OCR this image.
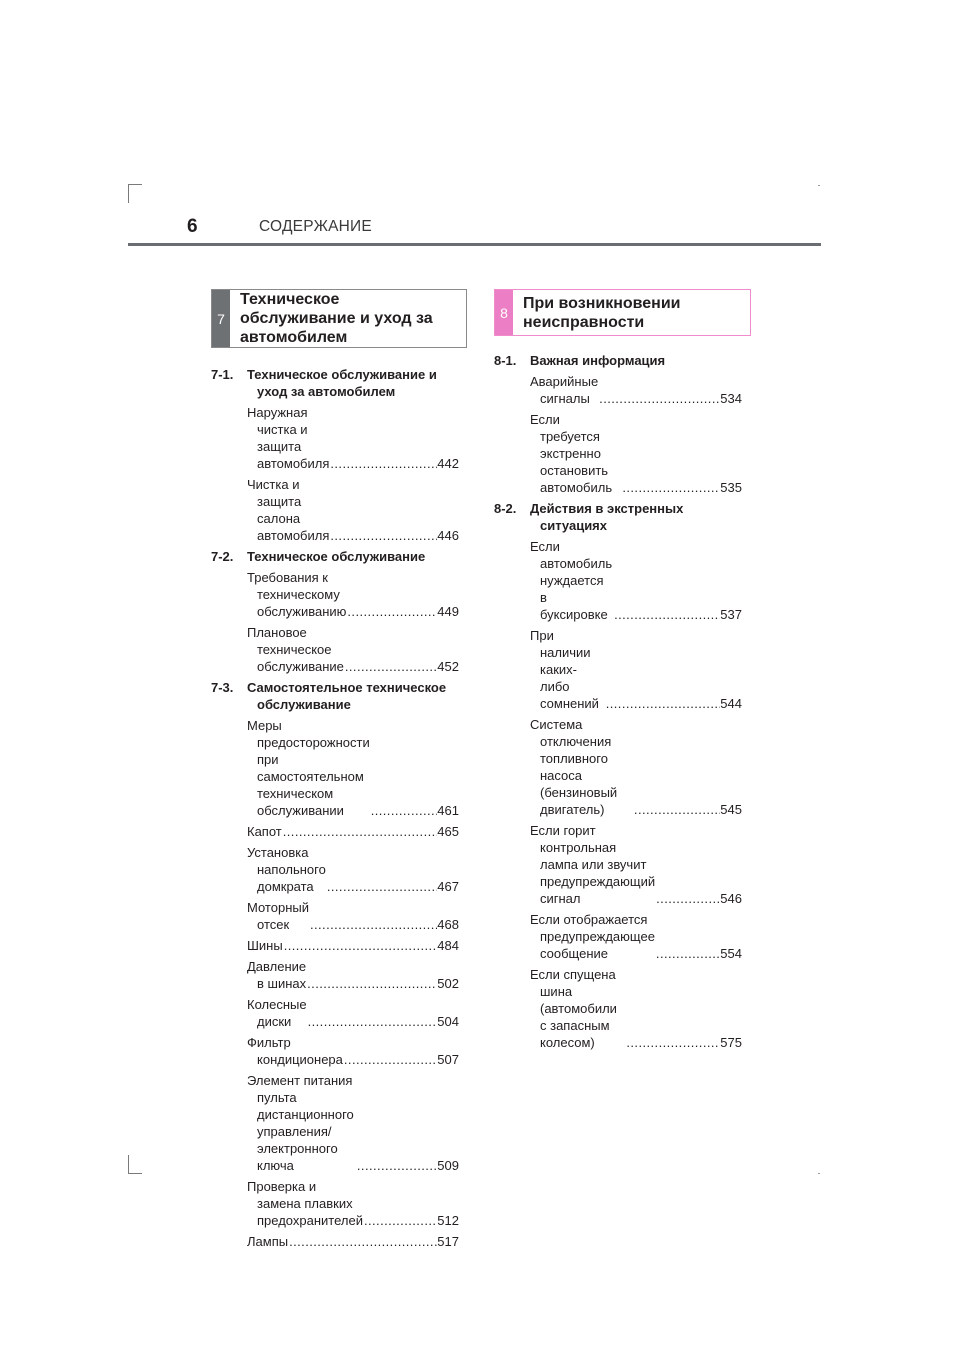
6	СОДЕРЖАНИЕ
7
Техническое обслуживание и уход за автомобилем
8
При возникновении неисправности
7-1.	Техническое обслуживание и уход за автомобилем
Наружная чистка и защита автомобиля . . .	442
Чистка и защита салона автомобиля . . .	446
7-2.	Техническое обслуживание
Требования к техническому обслуживанию . . .	449
Плановое техническое обслуживание . . .	452
7-3.	Самостоятельное техническое обслуживание
Меры предосторожности при самостоятельном техническом обслуживании . . .	461
Капот . . .	465
Установка напольного домкрата . . .	467
Моторный отсек . . .	468
Шины . . .	484
Давление в шинах . . .	502
Колесные диски . . .	504
Фильтр кондиционера . . .	507
Элемент питания пульта дистанционного управления/электронного ключа . . .	509
Проверка и замена плавких предохранителей . . .	512
Лампы . . .	517
8-1.	Важная информация
Аварийные сигналы . . .	534
Если требуется экстренно остановить автомобиль . . .	535
8-2.	Действия в экстренных ситуациях
Если автомобиль нуждается в буксировке . . .	537
При наличии каких-либо сомнений . . .	544
Система отключения топливного насоса (бензиновый двигатель) . . .	545
Если горит контрольная лампа или звучит предупреждающий сигнал . . .	546
Если отображается предупреждающее сообщение . . .	554
Если спущена шина (автомобили с запасным колесом) . . .	575
